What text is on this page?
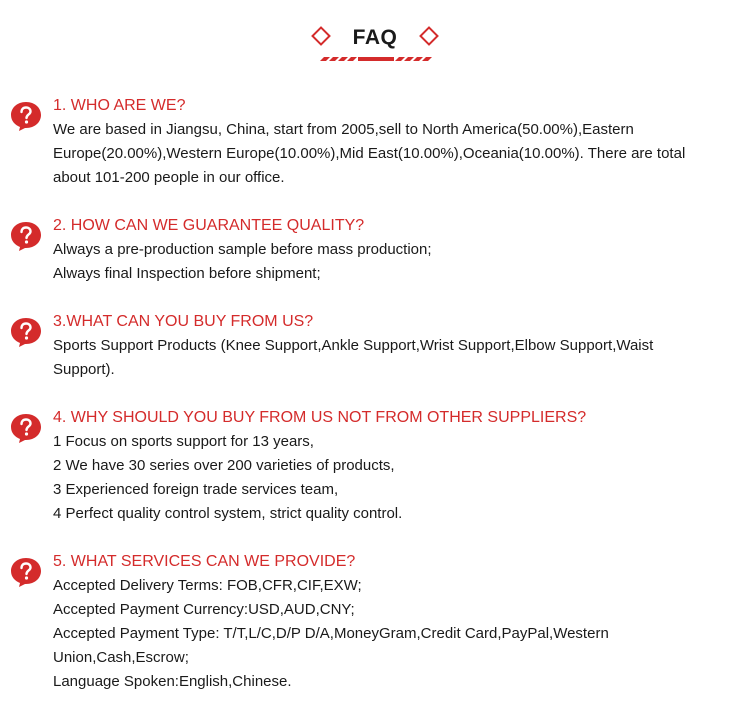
FAQ
1. WHO ARE WE?
We are based in Jiangsu, China, start from 2005,sell to North America(50.00%),Eastern
Europe(20.00%),Western Europe(10.00%),Mid East(10.00%),Oceania(10.00%). There are total
about 101-200 people in our office.
2. HOW CAN WE GUARANTEE QUALITY?
Always a pre-production sample before mass production;
Always final Inspection before shipment;
3.WHAT CAN YOU BUY FROM US?
Sports Support Products (Knee Support,Ankle Support,Wrist Support,Elbow Support,Waist
Support).
4. WHY SHOULD YOU BUY FROM US NOT FROM OTHER SUPPLIERS?
1 Focus on sports support for 13 years,
2 We have 30 series over 200 varieties of products,
3 Experienced foreign trade services team,
4 Perfect quality control system, strict quality control.
5. WHAT SERVICES CAN WE PROVIDE?
Accepted Delivery Terms: FOB,CFR,CIF,EXW;
Accepted Payment Currency:USD,AUD,CNY;
Accepted Payment Type: T/T,L/C,D/P D/A,MoneyGram,Credit Card,PayPal,Western
Union,Cash,Escrow;
Language Spoken:English,Chinese.
